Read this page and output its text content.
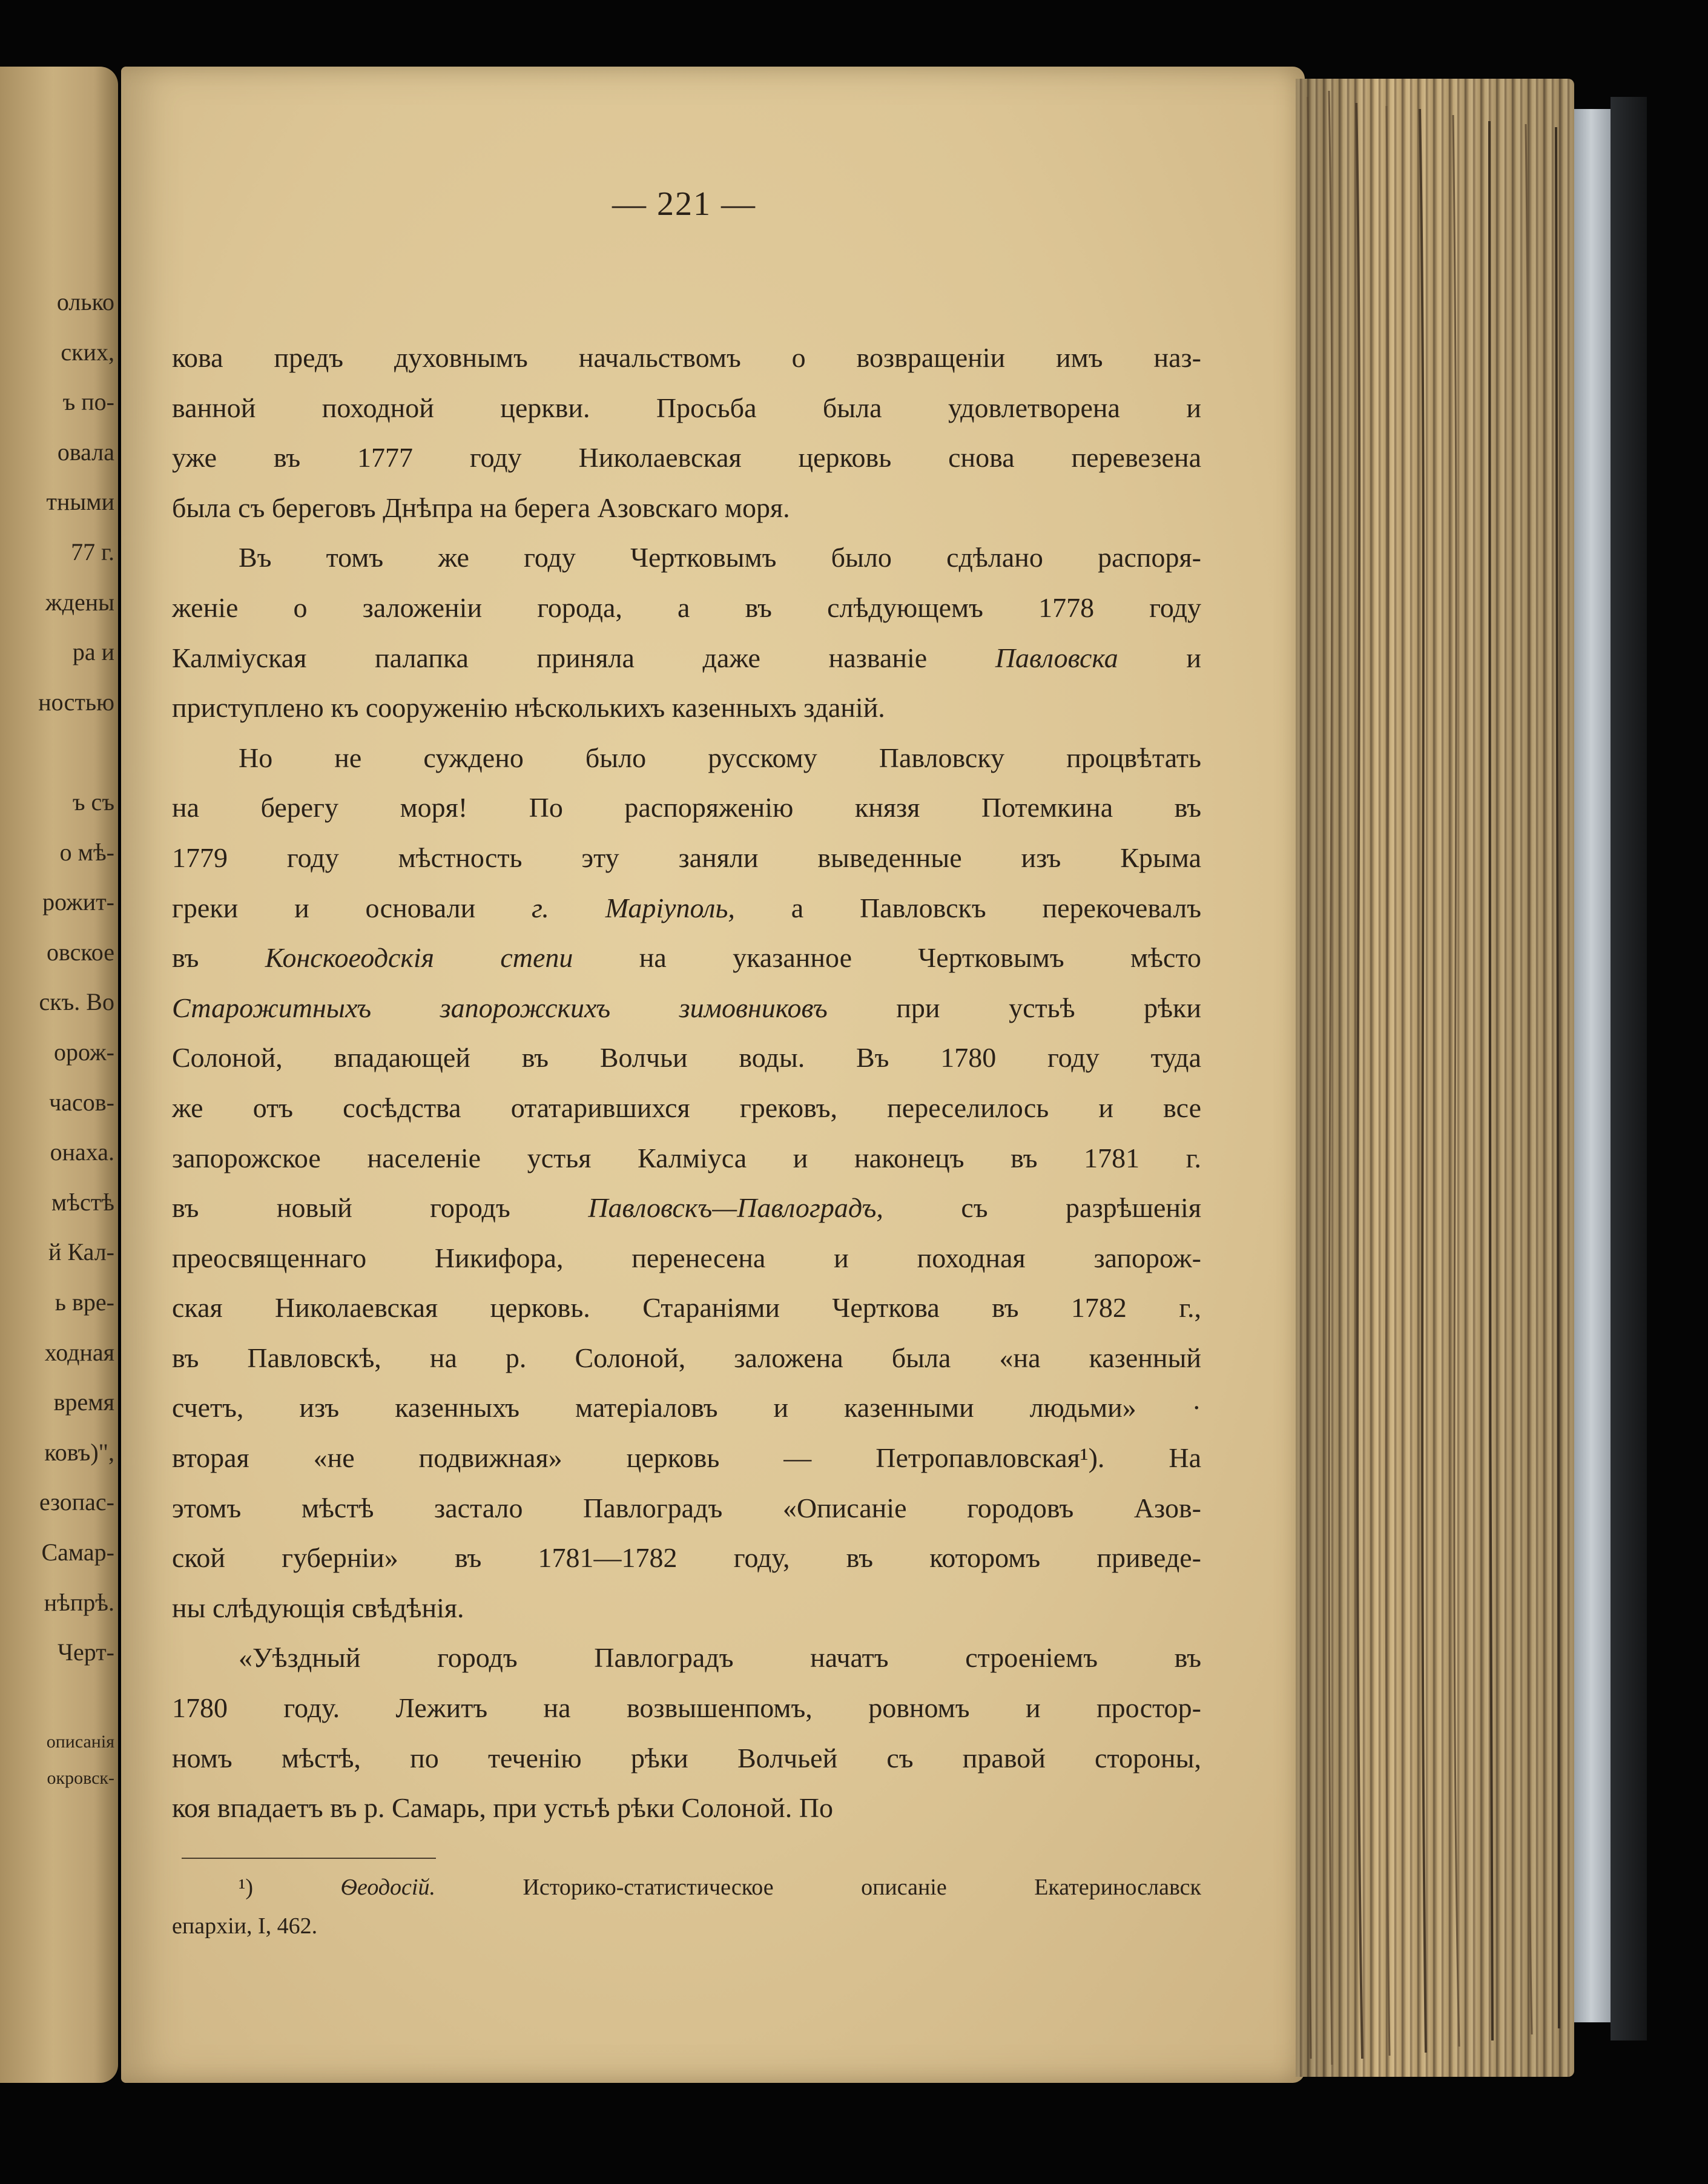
олько
ских,
ъ по-
овала
тными
77 г.
ждены
ра и
ностью
ъ съ
о мѣ-
рожит-
овское
скъ. Во
орож-
часов-
онаха.
мѣстѣ
й Кал-
ь вре-
ходная
время
ковъ)",
езопас-
Самар-
нѣпрѣ.
Черт-
описанія
окровск-
— 221 —
кова предъ духовнымъ начальствомъ о возвращеніи имъ наз-
ванной походной церкви. Просьба была удовлетворена и
уже въ 1777 году Николаевская церковь снова перевезена
была съ береговъ Днѣпра на берега Азовскаго моря.
Въ томъ же году Чертковымъ было сдѣлано распоря-
женіе о заложеніи города, а въ слѣдующемъ 1778 году
Калміуская палапка приняла даже названіе Павловска и
приступлено къ сооруженію нѣсколькихъ казенныхъ зданій.
Но не суждено было русскому Павловску процвѣтать
на берегу моря! По распоряженію князя Потемкина въ
1779 году мѣстность эту заняли выведенные изъ Крыма
греки и основали г. Маріуполь, а Павловскъ перекочевалъ
въ Конскоеодскія степи на указанное Чертковымъ мѣсто
Старожитныхъ запорожскихъ зимовниковъ при устьѣ рѣки
Солоной, впадающей въ Волчьи воды. Въ 1780 году туда
же отъ сосѣдства отатарившихся грековъ, переселилось и все
запорожское населеніе устья Калміуса и наконецъ въ 1781 г.
въ новый городъ Павловскъ—Павлоградъ, съ разрѣшенія
преосвященнаго Никифора, перенесена и походная запорож-
ская Николаевская церковь. Стараніями Черткова въ 1782 г.,
въ Павловскѣ, на р. Солоной, заложена была «на казенный
счетъ, изъ казенныхъ матеріаловъ и казенными людьми» ·
вторая «не подвижная» церковь — Петропавловская¹). На
этомъ мѣстѣ застало Павлоградъ «Описаніе городовъ Азов-
ской губерніи» въ 1781—1782 году, въ которомъ приведе-
ны слѣдующія свѣдѣнія.
«Уѣздный городъ Павлоградъ начатъ строеніемъ въ
1780 году. Лежитъ на возвышенпомъ, ровномъ и простор-
номъ мѣстѣ, по теченію рѣки Волчьей съ правой стороны,
коя впадаетъ въ р. Самарь, при устьѣ рѣки Солоной. По
¹) Ѳеодосій. Историко-статистическое описаніе Екатеринославск
епархіи, I, 462.
